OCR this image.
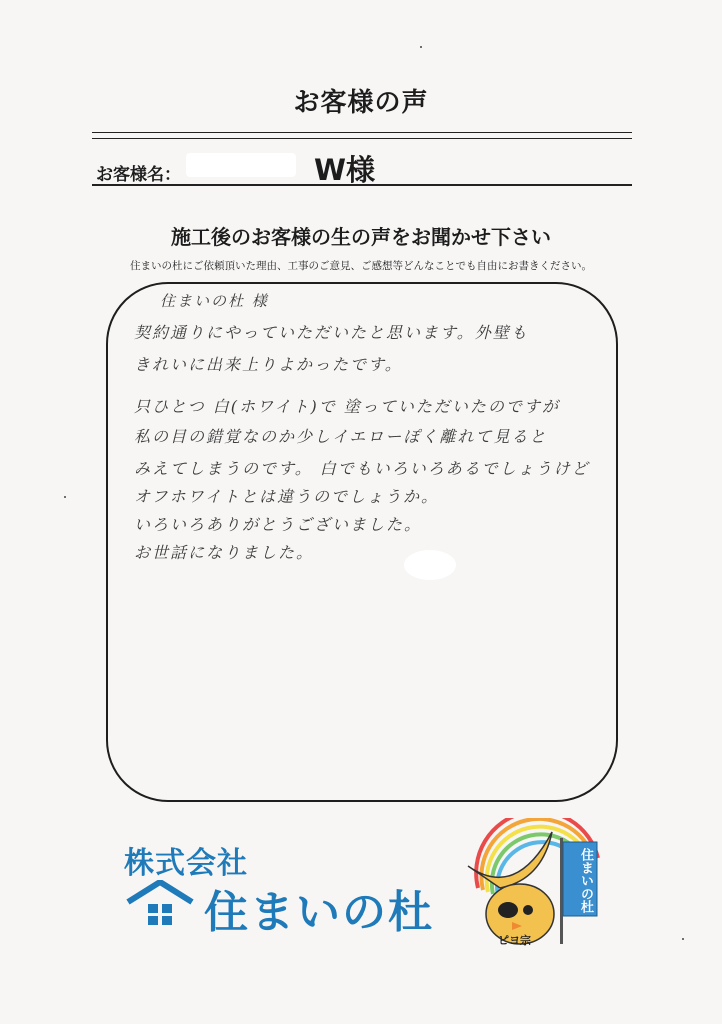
お客様の声
お客様名：	W様
施工後のお客様の生の声をお聞かせ下さい
住まいの杜にご依頼頂いた理由、工事のご意見、ご感想等どんなことでも自由にお書きください。
住まいの杜 様
契約通りにやっていただいたと思います。外壁も
きれいに出来上りよかったです。
只ひとつ 白(ホワイト)で 塗っていただいたのですが
私の目の錯覚なのか少しイエローぽく離れて見ると
みえてしまうのです。 白でもいろいろあるでしょうけど
オフホワイトとは違うのでしょうか。
いろいろありがとうございました。
お世話になりました。
株式会社
住まいの杜	住まいの杜
ピヨ宗
